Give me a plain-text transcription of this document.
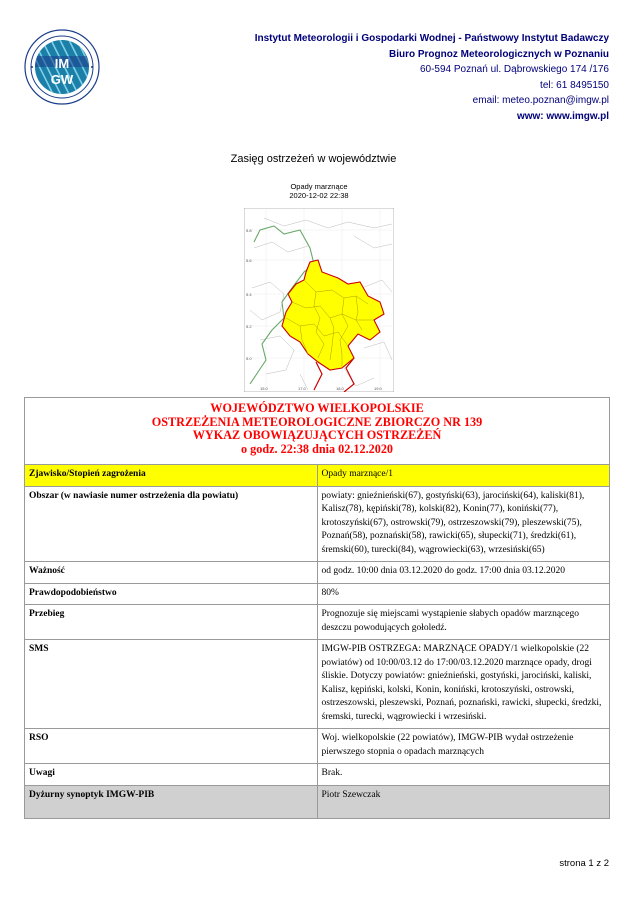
IM
GW
Instytut Meteorologii i Gospodarki Wodnej - Państwowy Instytut Badawczy
Biuro Prognoz Meteorologicznych w Poznaniu
60-594 Poznań ul. Dąbrowskiego 174 /176
tel: 61 8495150
email: meteo.poznan@imgw.pl
www: www.imgw.pl
Zasięg ostrzeżeń w województwie
Opady marznące
2020-12-02 22:38
5.8
5.6
5.4
5.2
5.0
15.0	17.0	18.0	19.0
WOJEWÓDZTWO WIELKOPOLSKIE
OSTRZEŻENIA METEOROLOGICZNE ZBIORCZO NR 139
WYKAZ OBOWIĄZUJĄCYCH OSTRZEŻEŃ
o godz. 22:38 dnia 02.12.2020	

Zjawisko/Stopień zagrożenia	Opady marznące/1
Obszar (w nawiasie numer ostrzeżenia dla powiatu)	powiaty: gnieźnieński(67), gostyński(63), jarociński(64), kaliski(81), Kalisz(78), kępiński(78), kolski(82), Konin(77), koniński(77), krotoszyński(67), ostrowski(79), ostrzeszowski(79), pleszewski(75), Poznań(58), poznański(58), rawicki(65), słupecki(71), średzki(61), śremski(60), turecki(84), wągrowiecki(63), wrzesiński(65)
Ważność	od godz. 10:00 dnia 03.12.2020 do godz. 17:00 dnia 03.12.2020
Prawdopodobieństwo	80%
Przebieg	Prognozuje się miejscami wystąpienie słabych opadów marznącego deszczu powodujących gołoledź.
SMS	IMGW-PIB OSTRZEGA: MARZNĄCE OPADY/1 wielkopolskie (22 powiatów) od 10:00/03.12 do 17:00/03.12.2020 marznące opady, drogi śliskie. Dotyczy powiatów: gnieźnieński, gostyński, jarociński, kaliski, Kalisz, kępiński, kolski, Konin, koniński, krotoszyński, ostrowski, ostrzeszowski, pleszewski, Poznań, poznański, rawicki, słupecki, średzki, śremski, turecki, wągrowiecki i wrzesiński.
RSO	Woj. wielkopolskie (22 powiatów), IMGW-PIB wydał ostrzeżenie pierwszego stopnia o opadach marznących
Uwagi	Brak.
Dyżurny synoptyk IMGW-PIB	Piotr Szewczak
strona 1 z 2
